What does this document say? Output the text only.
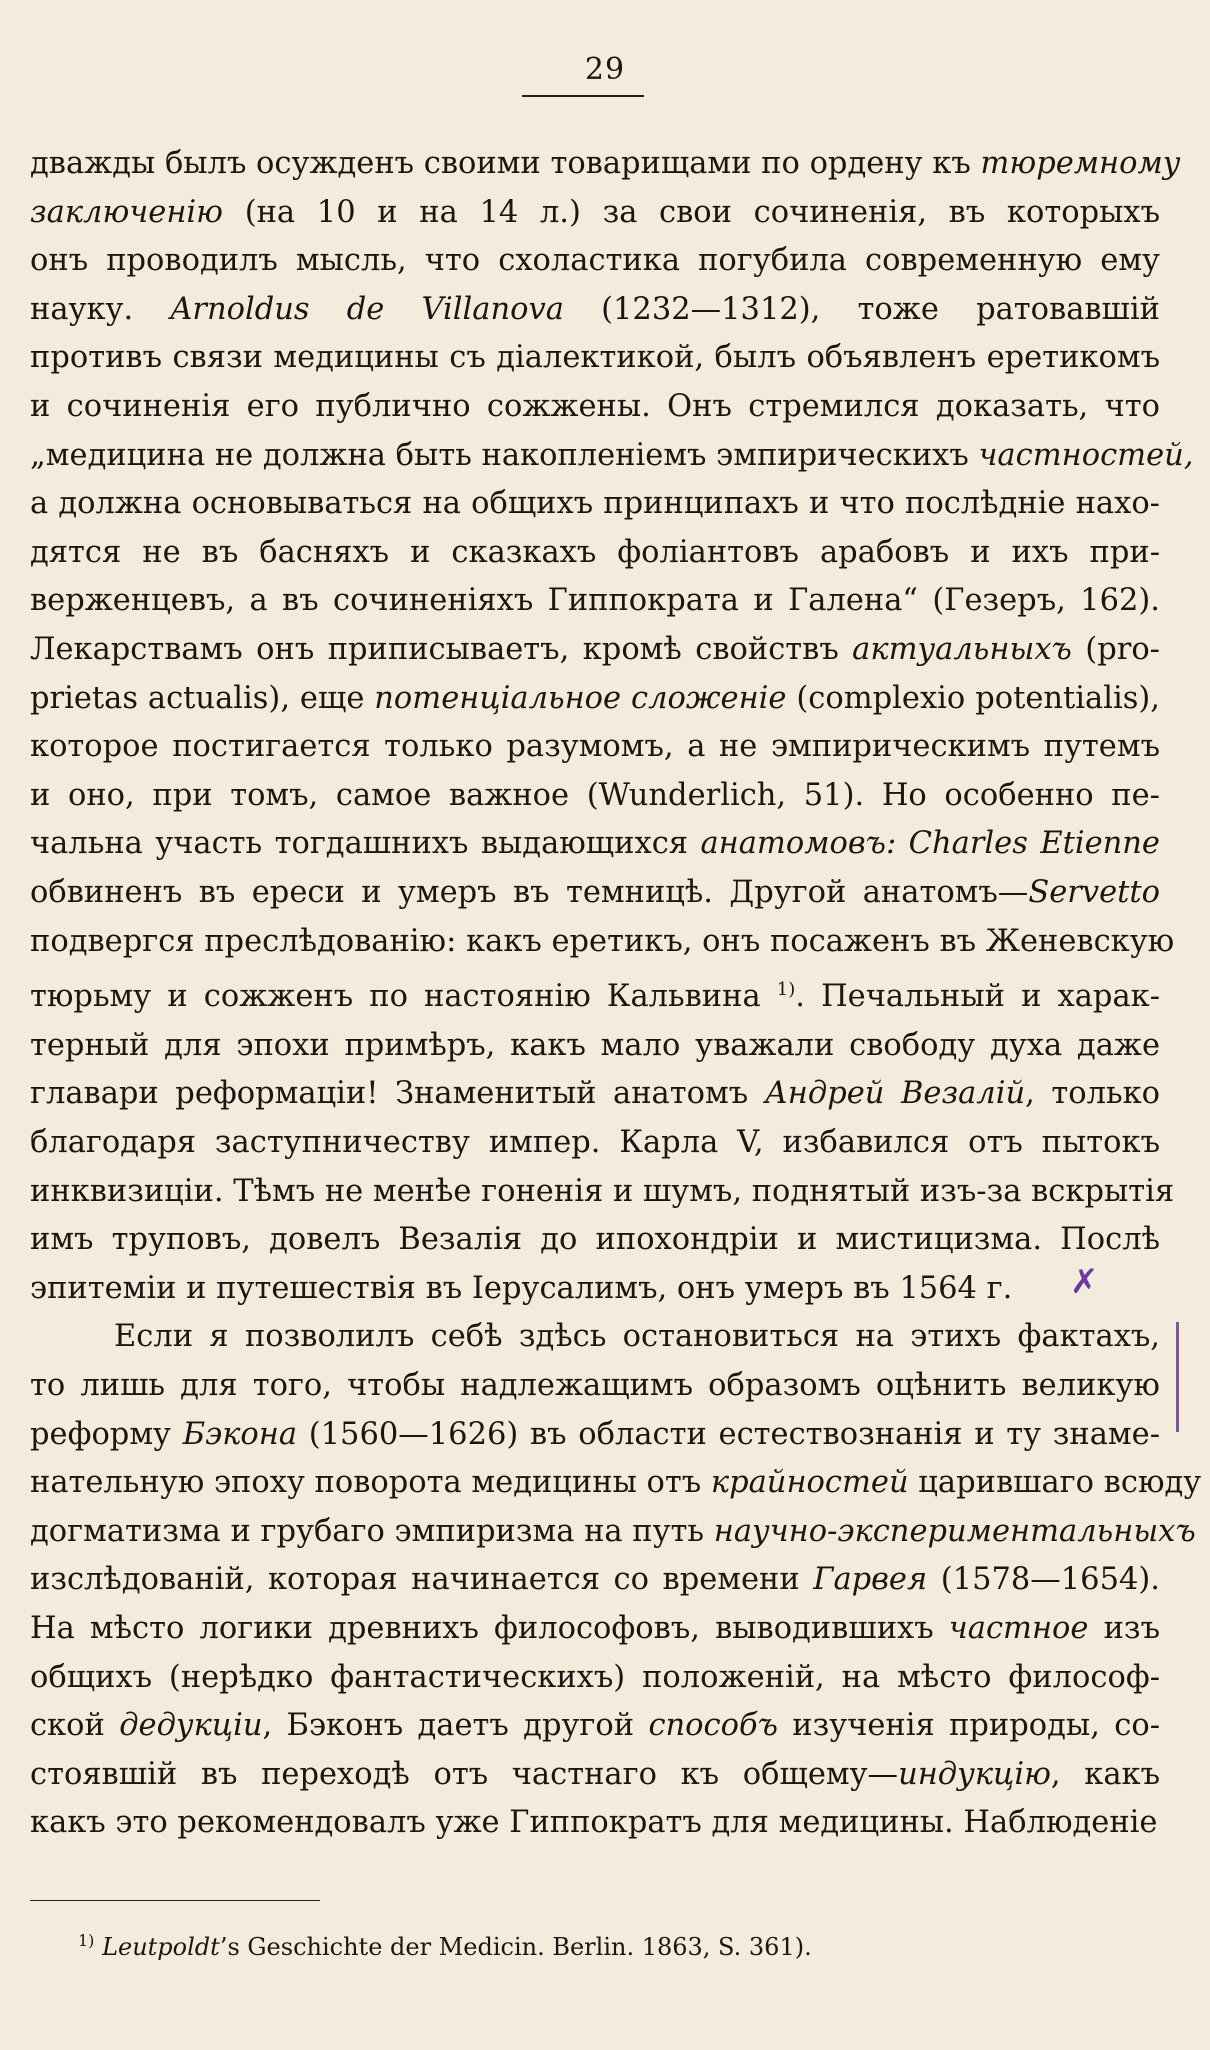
29
дважды былъ осужденъ своими товарищами по ордену къ тюремному
заключенію (на 10 и на 14 л.) за свои сочиненія, въ которыхъ
онъ проводилъ мысль, что схоластика погубила современную ему
науку. Arnoldus de Villanova (1232—1312), тоже ратовавшій
противъ связи медицины съ діалектикой, былъ объявленъ еретикомъ
и сочиненія его публично сожжены. Онъ стремился доказать, что
„медицина не должна быть накопленіемъ эмпирическихъ частностей,
а должна основываться на общихъ принципахъ и что послѣдніе нахо-
дятся не въ басняхъ и сказкахъ фоліантовъ арабовъ и ихъ при-
верженцевъ, а въ сочиненіяхъ Гиппократа и Галена“ (Гезеръ, 162).
Лекарствамъ онъ приписываетъ, кромѣ свойствъ актуальныхъ (pro-
prietas actualis), еще потенціальное сложеніе (complexio potentialis),
которое постигается только разумомъ, а не эмпирическимъ путемъ
и оно, при томъ, самое важное (Wunderlich, 51). Но особенно пе-
чальна участь тогдашнихъ выдающихся анатомовъ: Charles Etienne
обвиненъ въ ереси и умеръ въ темницѣ. Другой анатомъ—Servetto
подвергся преслѣдованію: какъ еретикъ, онъ посаженъ въ Женевскую
тюрьму и сожженъ по настоянію Кальвина $^{1)}$. Печальный и харак-
терный для эпохи примѣръ, какъ мало уважали свободу духа даже
главари реформаціи! Знаменитый анатомъ Андрей Везалій, только
благодаря заступничеству импер. Карла V, избавился отъ пытокъ
инквизиціи. Тѣмъ не менѣе гоненія и шумъ, поднятый изъ-за вскрытія
имъ труповъ, довелъ Везалія до ипохондріи и мистицизма. Послѣ
эпитеміи и путешествія въ Іерусалимъ, онъ умеръ въ 1564 г.
Если я позволилъ себѣ здѣсь остановиться на этихъ фактахъ,
то лишь для того, чтобы надлежащимъ образомъ оцѣнить великую
реформу Бэкона (1560—1626) въ области естествознанія и ту знаме-
нательную эпоху поворота медицины отъ крайностей царившаго всюду
догматизма и грубаго эмпиризма на путь научно-экспериментальныхъ
изслѣдованій, которая начинается со времени Гарвея (1578—1654).
На мѣсто логики древнихъ философовъ, выводившихъ частное изъ
общихъ (нерѣдко фантастическихъ) положеній, на мѣсто философ-
ской дедукціи, Бэконъ даетъ другой способъ изученія природы, со-
стоявшій въ переходѣ отъ частнаго къ общему—индукцію, какъ
какъ это рекомендовалъ уже Гиппократъ для медицины. Наблюденіе
✗
$^{1)}$ Leutpoldt’s Geschichte der Medicin. Berlin. 1863, S. 361).
